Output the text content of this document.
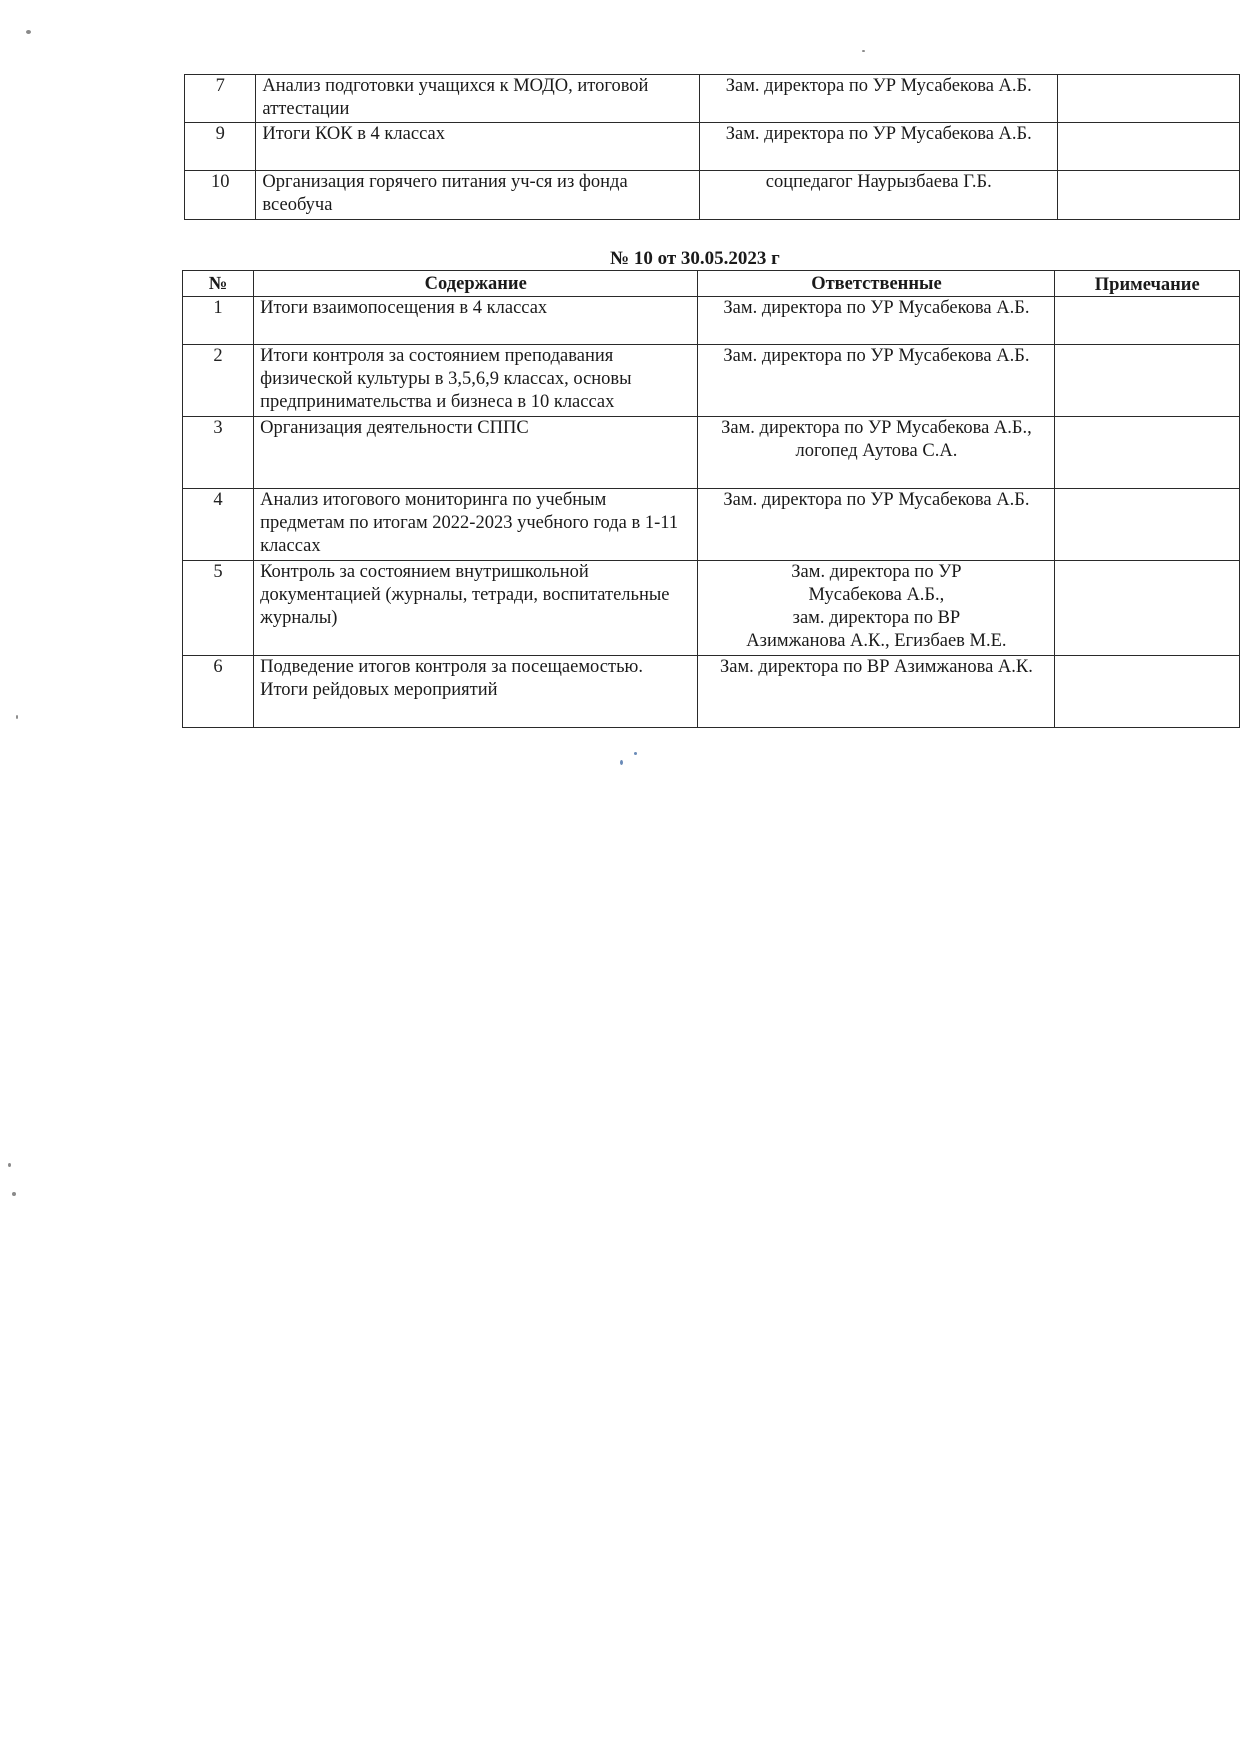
7	Анализ подготовки учащихся к МОДО, итоговой аттестации	Зам. директора по УР Мусабекова А.Б.	
9	Итоги КОК в 4 классах	Зам. директора по УР Мусабекова А.Б.	
10	Организация горячего питания уч-ся из фонда всеобуча	соцпедагог Наурызбаева Г.Б.	
№ 10 от 30.05.2023 г
№	Содержание	Ответственные	Примечание
1	Итоги взаимопосещения в 4 классах	Зам. директора по УР Мусабекова А.Б.	
2	Итоги контроля за состоянием преподавания физической культуры в 3,5,6,9 классах, основы предпринимательства и бизнеса в 10 классах	Зам. директора по УР Мусабекова А.Б.	
3	Организация деятельности СППС	Зам. директора по УР Мусабекова А.Б., логопед Аутова С.А.	
4	Анализ итогового мониторинга по учебным предметам по итогам 2022-2023 учебного года в 1-11 классах	Зам. директора по УР Мусабекова А.Б.	
5	Контроль за состоянием внутришкольной документацией (журналы, тетради, воспитательные журналы)	Зам. директора по УР
Мусабекова А.Б.,
зам. директора по ВР
Азимжанова А.К., Егизбаев М.Е.	

6	Подведение итогов контроля за посещаемостью.
Итоги рейдовых мероприятий	Зам. директора по ВР Азимжанова А.К.	
